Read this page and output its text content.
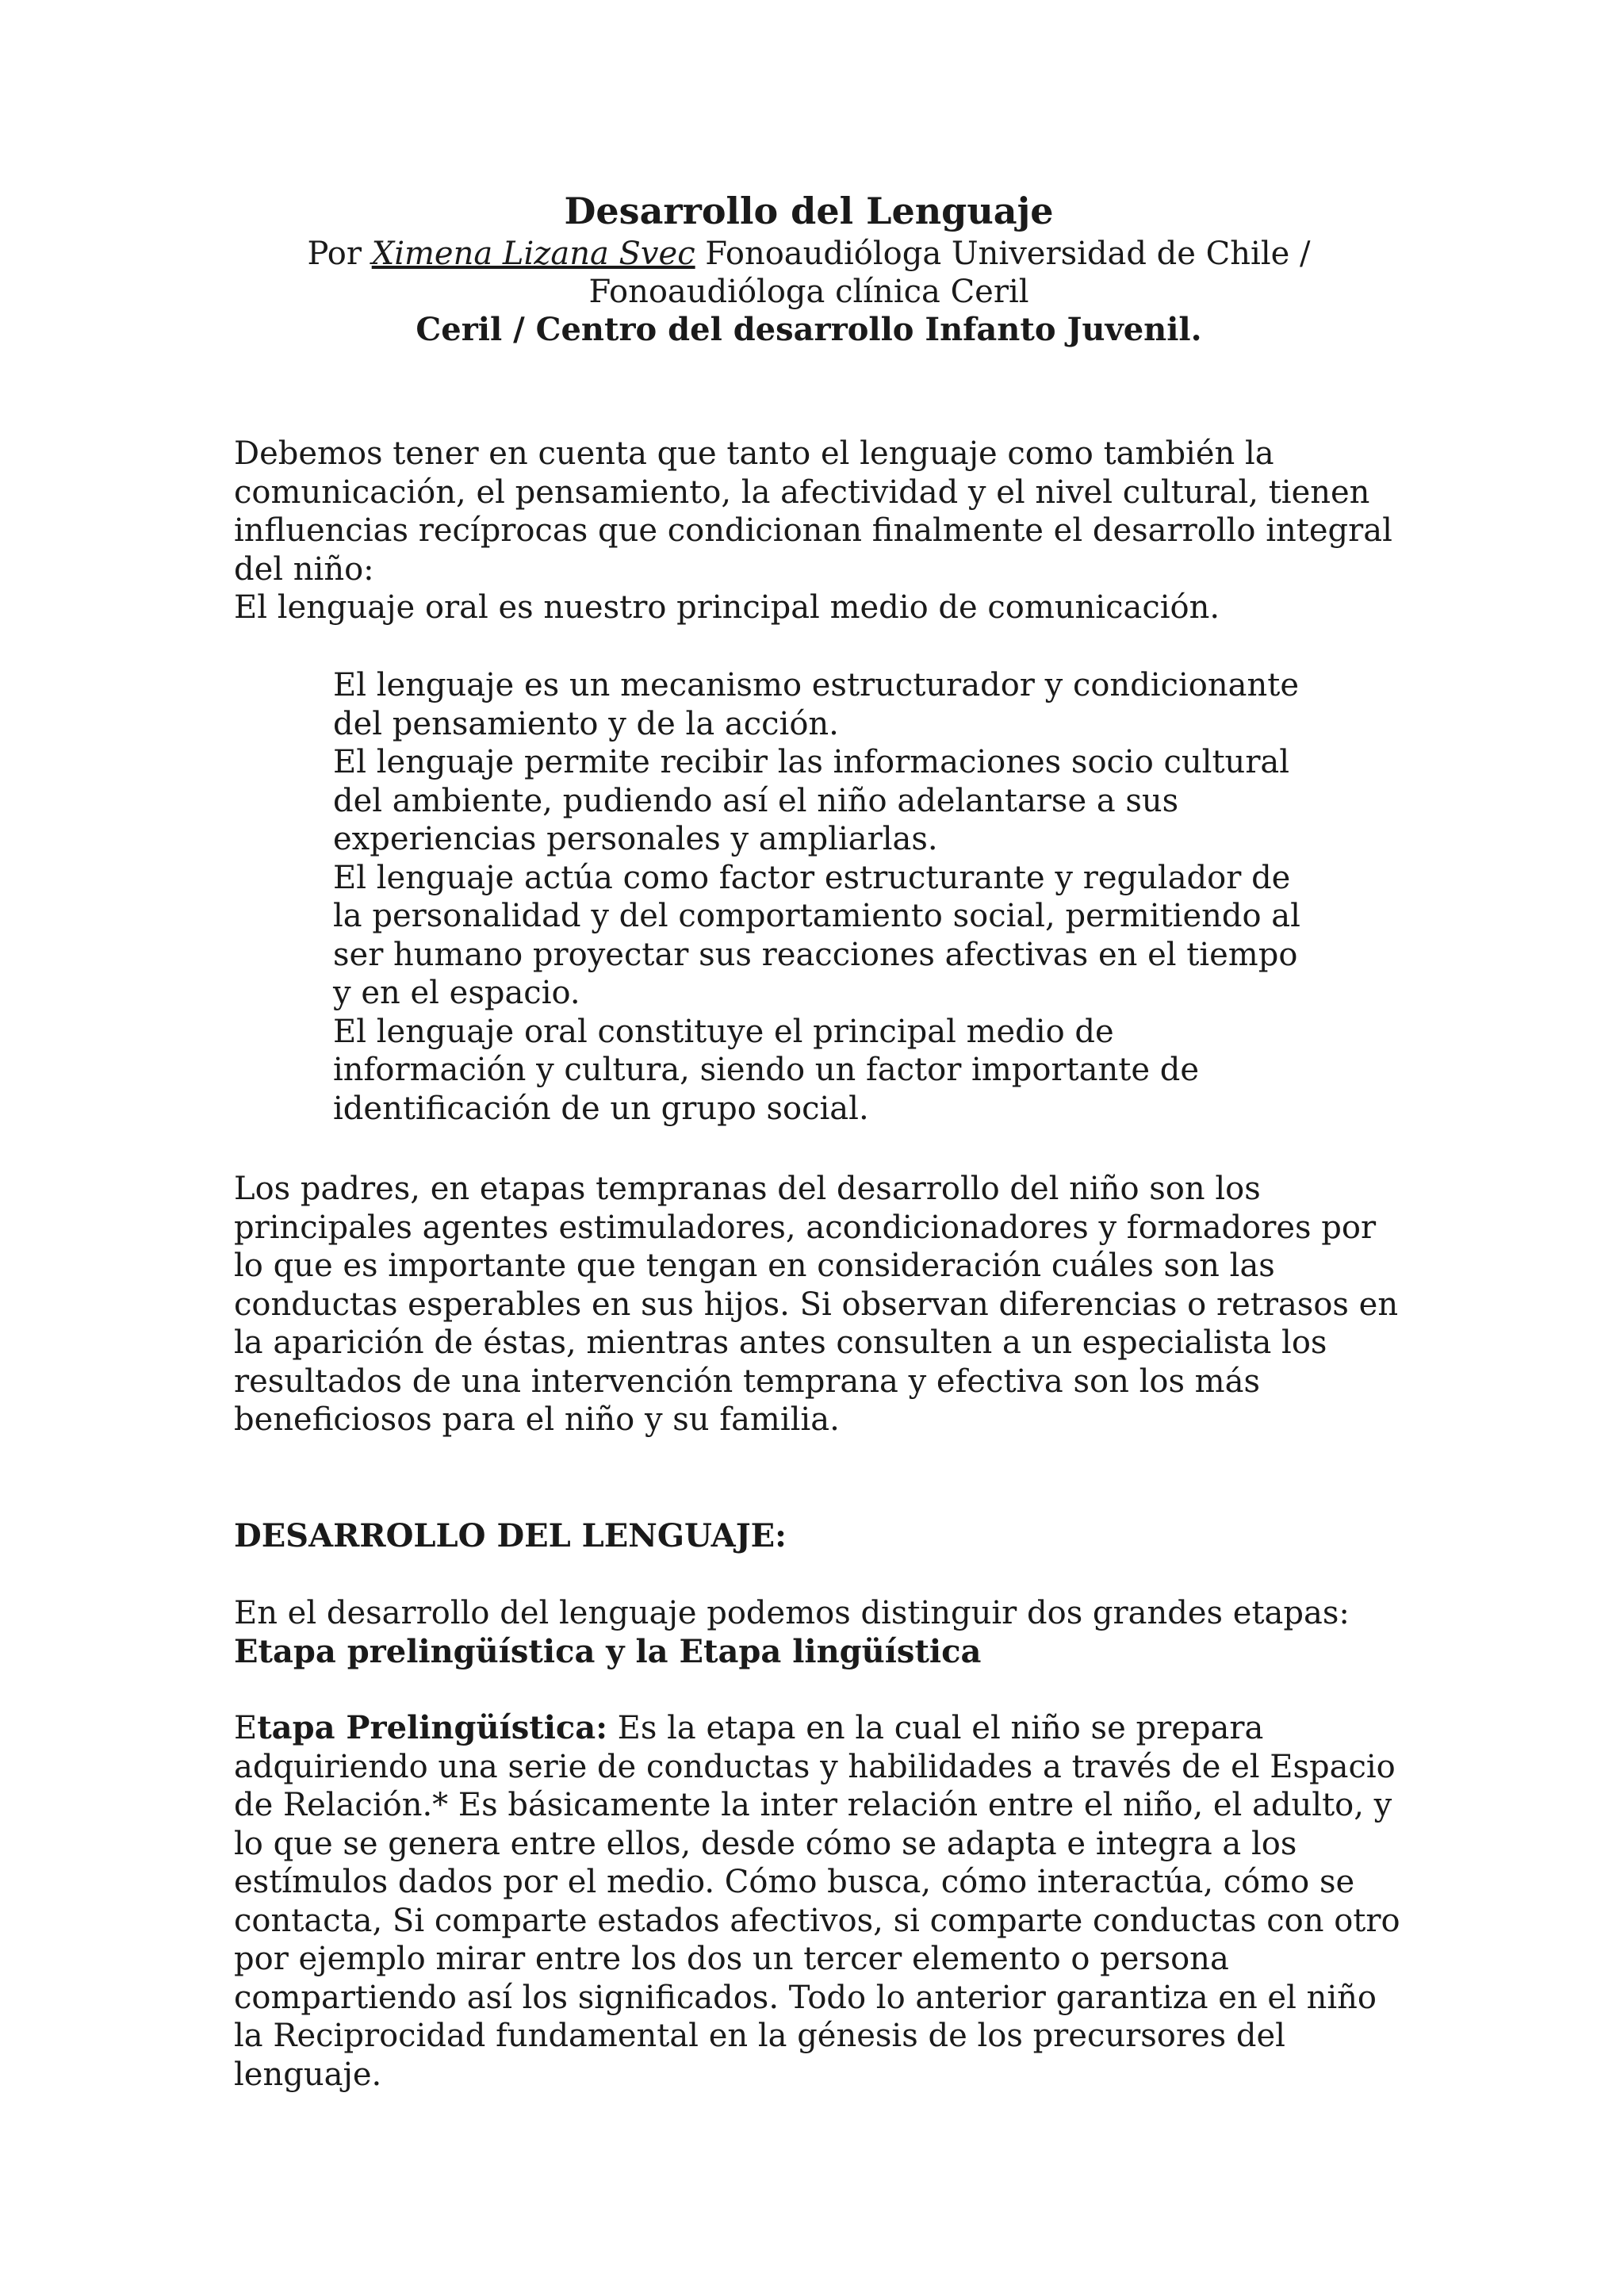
Desarrollo del Lenguaje
Por Ximena Lizana Svec Fonoaudióloga Universidad de Chile /
Fonoaudióloga clínica Ceril
Ceril / Centro del desarrollo Infanto Juvenil.
Debemos tener en cuenta que tanto el lenguaje como también la
comunicación, el pensamiento, la afectividad y el nivel cultural, tienen
influencias recíprocas que condicionan finalmente el desarrollo integral
del niño:
El lenguaje oral es nuestro principal medio de comunicación.
El lenguaje es un mecanismo estructurador y condicionante
del pensamiento y de la acción.
El lenguaje permite recibir las informaciones socio cultural
del ambiente, pudiendo así el niño adelantarse a sus
experiencias personales y ampliarlas.
El lenguaje actúa como factor estructurante y regulador de
la personalidad y del comportamiento social, permitiendo al
ser humano proyectar sus reacciones afectivas en el tiempo
y en el espacio.
El lenguaje oral constituye el principal medio de
información y cultura, siendo un factor importante de
identificación de un grupo social.
Los padres, en etapas tempranas del desarrollo del niño son los
principales agentes estimuladores, acondicionadores y formadores por
lo que es importante que tengan en consideración cuáles son las
conductas esperables en sus hijos. Si observan diferencias o retrasos en
la aparición de éstas, mientras antes consulten a un especialista los
resultados de una intervención temprana y efectiva son los más
beneficiosos para el niño y su familia.
DESARROLLO DEL LENGUAJE:
En el desarrollo del lenguaje podemos distinguir dos grandes etapas:
Etapa prelingüística y la Etapa lingüística
Etapa Prelingüística: Es la etapa en la cual el niño se prepara
adquiriendo una serie de conductas y habilidades a través de el Espacio
de Relación.* Es básicamente la inter relación entre el niño, el adulto, y
lo que se genera entre ellos, desde cómo se adapta e integra a los
estímulos dados por el medio. Cómo busca, cómo interactúa, cómo se
contacta, Si comparte estados afectivos, si comparte conductas con otro
por ejemplo mirar entre los dos un tercer elemento o persona
compartiendo así los significados. Todo lo anterior garantiza en el niño
la Reciprocidad fundamental en la génesis de los precursores del
lenguaje.
